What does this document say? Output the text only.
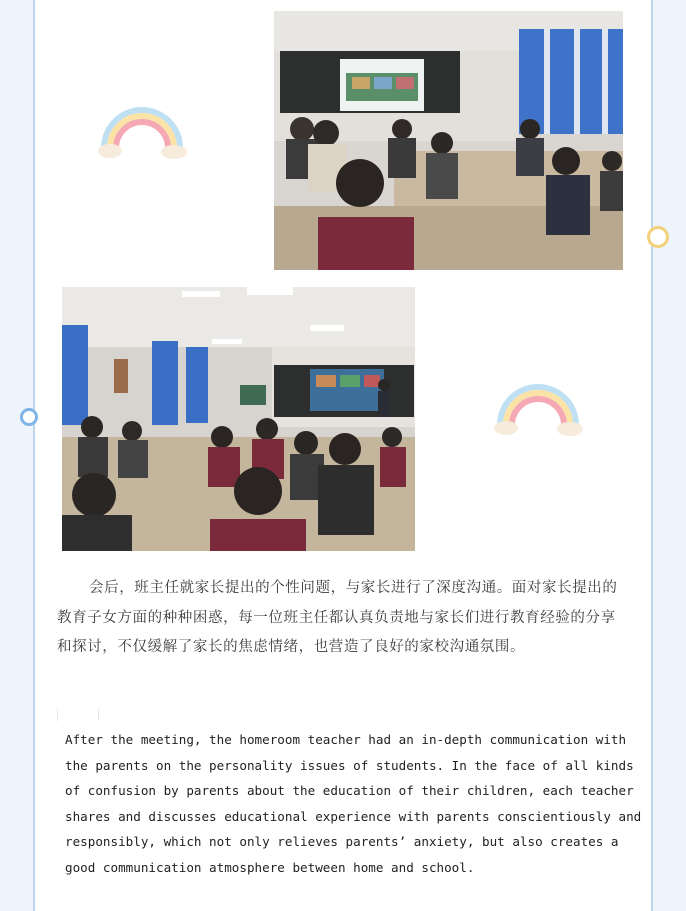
会后，班主任就家长提出的个性问题，与家长进行了深度沟通。面对家长提出的教育子女方面的种种困惑，每一位班主任都认真负责地与家长们进行教育经验的分享和探讨，不仅缓解了家长的焦虑情绪，也营造了良好的家校沟通氛围。

After the meeting, the homeroom teacher had an in-depth communication with
the parents on the personality issues of students. In the face of all kinds
of confusion by parents about the education of their children, each teacher
shares and discusses educational experience with parents conscientiously and
responsibly, which not only relieves parents’ anxiety, but also creates a
good communication atmosphere between home and school.
